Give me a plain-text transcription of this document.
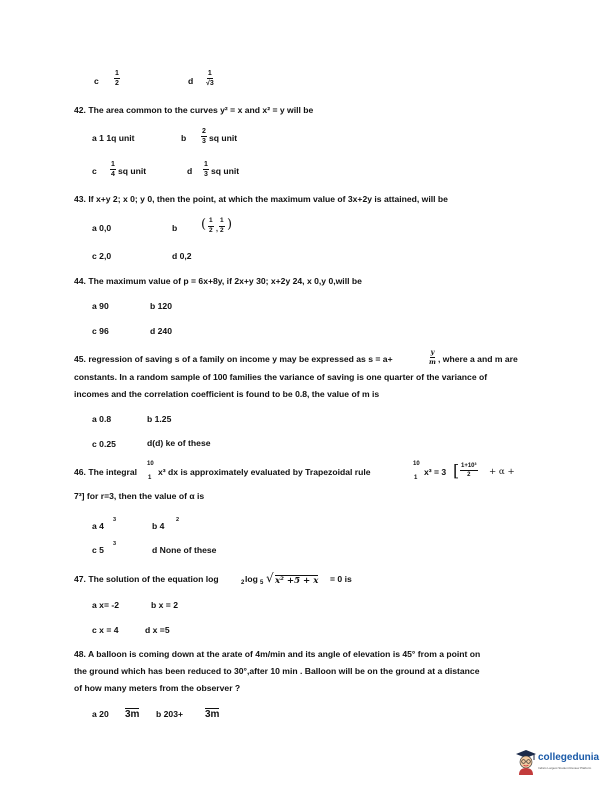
c $\frac{1}{2}$	d $\frac{1}{√3}$
42. The area common to the curves y² = x and x² = y will be
a 1 1q unit	b $\frac{2}{3}$ sq unit
c $\frac{1}{4}$ sq unit	d $\frac{1}{3}$ sq unit
43. If x+y 2; x 0; y 0, then the point, at which the maximum value of 3x+2y is attained, will be
a 0,0	b ( $\frac{1}{2}$ , $\frac{1}{2}$ )
c 2,0	d 0,2
44. The maximum value of p = 6x+8y, if 2x+y 30; x+2y 24, x 0,y 0,will be
a 90	b 120
c 96	d 240
45. regression of saving s of a family on income y may be expressed as s = a+	$\frac{y}{m}$ , where a and m are
constants. In a random sample of 100 families the variance of saving is one quarter of the variance of
incomes and the correlation coefficient is found to be 0.8, the value of m is
a 0.8	b 1.25
c 0.25	d(d) ke of these
46. The integral
10
1
x³ dx is approximately evaluated by Trapezoidal rule
10
1
x³ = 3 [ $\frac{\text{1+10³}}{2} + \alpha$ +
7³] for r=3, then the value of α is
a 4
3
b 4
2
c 5
3
d None of these
47. The solution of the equation log	2 log 5 √ x² +5 + x = 0 is
a x= -2	b x = 2
c x = 4	d x =5
48. A balloon is coming down at the arate of 4m/min and its angle of elevation is 45° from a point on
the ground which has been reduced to 30°,after 10 min . Balloon will be on the ground at a distance
of how many meters from the observer ?
a 20 3m b 203+ 3m
collegedunia
India's Largest Student Review Platform
